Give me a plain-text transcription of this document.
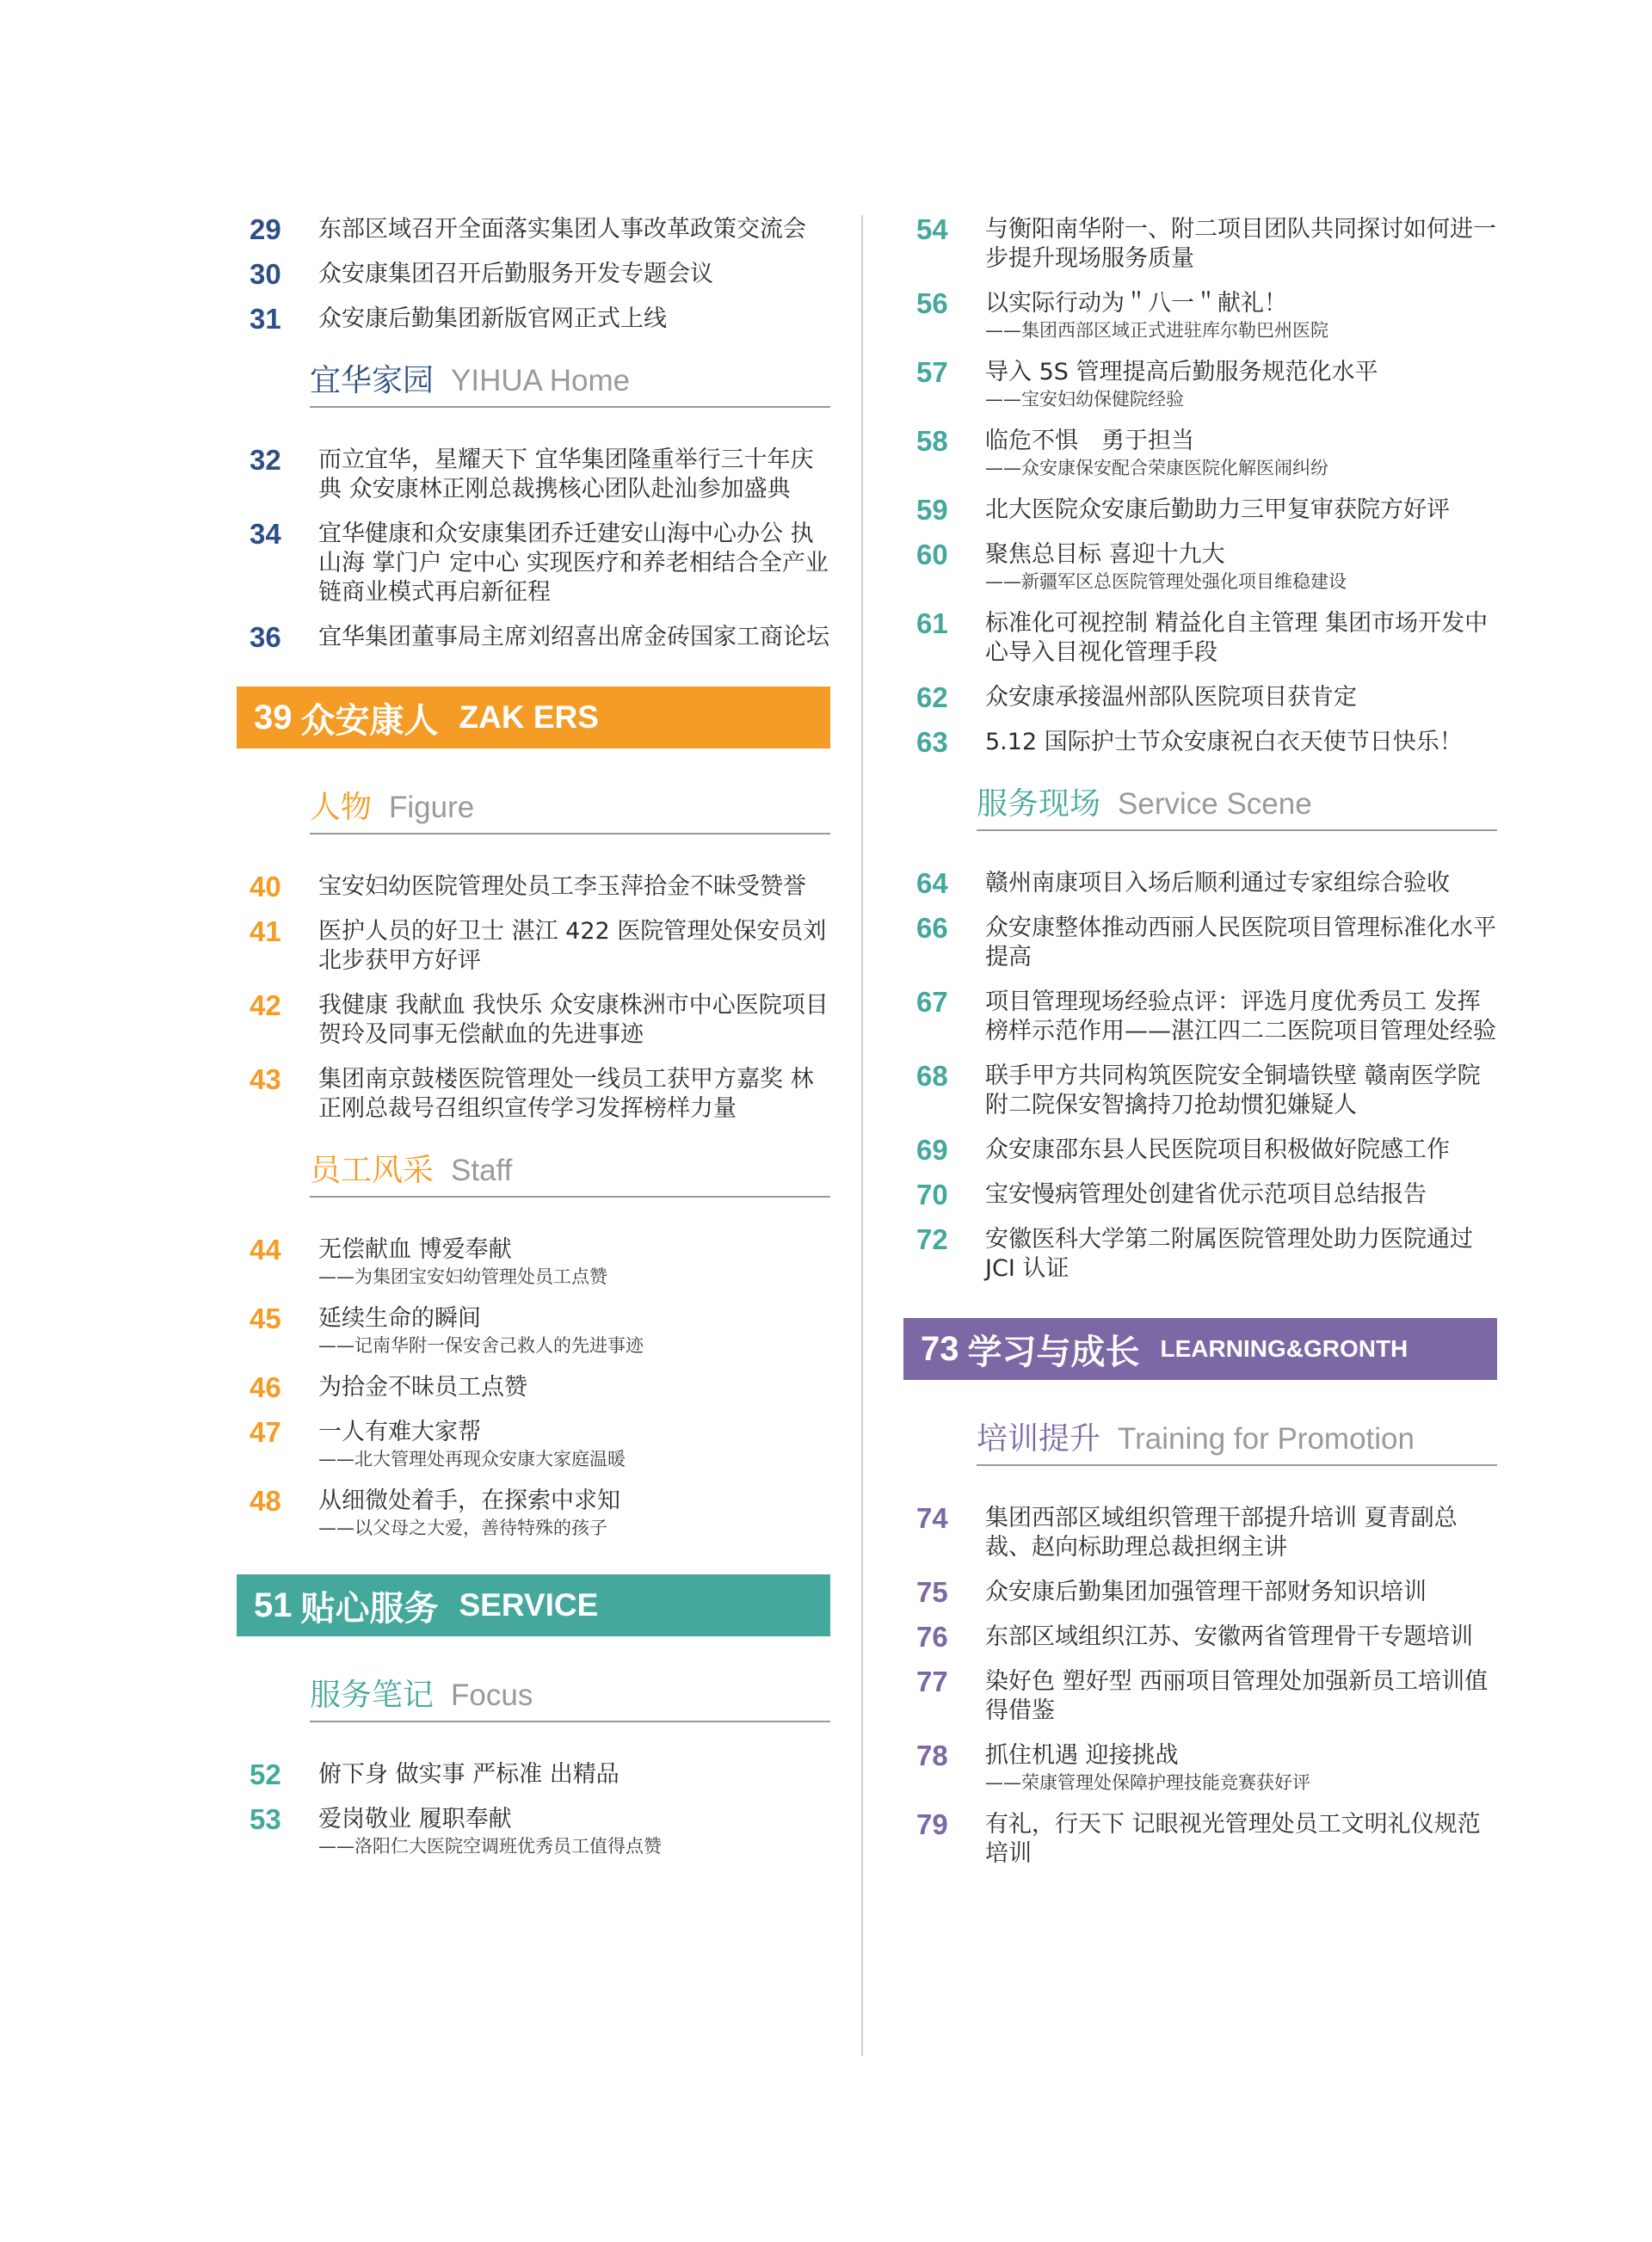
29	东部区域召开全面落实集团人事改革政策交流会
30	众安康集团召开后勤服务开发专题会议
31	众安康后勤集团新版官网正式上线
宜华家园 YIHUA Home
32	而立宜华，星耀天下 宜华集团隆重举行三十年庆典 众安康林正刚总裁携核心团队赴汕参加盛典
34	宜华健康和众安康集团乔迁建安山海中心办公 执山海 掌门户 定中心 实现医疗和养老相结合全产业链商业模式再启新征程
36	宜华集团董事局主席刘绍喜出席金砖国家工商论坛
39 众安康人 ZAK ERS
人物 Figure
40	宝安妇幼医院管理处员工李玉萍拾金不昧受赞誉
41	医护人员的好卫士 湛江 422 医院管理处保安员刘北步获甲方好评
42	我健康 我献血 我快乐 众安康株洲市中心医院项目贺玲及同事无偿献血的先进事迹
43	集团南京鼓楼医院管理处一线员工获甲方嘉奖 林正刚总裁号召组织宣传学习发挥榜样力量
员工风采 Staff
44	无偿献血 博爱奉献
——为集团宝安妇幼管理处员工点赞
45	延续生命的瞬间
——记南华附一保安舍己救人的先进事迹
46	为拾金不昧员工点赞
47	一人有难大家帮
——北大管理处再现众安康大家庭温暖
48	从细微处着手，在探索中求知
——以父母之大爱，善待特殊的孩子
51 贴心服务 SERVICE
服务笔记 Focus
52	俯下身 做实事 严标准 出精品
53	爱岗敬业 履职奉献
——洛阳仁大医院空调班优秀员工值得点赞
54	与衡阳南华附一、附二项目团队共同探讨如何进一步提升现场服务质量
56	以实际行动为＂八一＂献礼！
——集团西部区域正式进驻库尔勒巴州医院
57	导入 5S 管理提高后勤服务规范化水平
——宝安妇幼保健院经验
58	临危不惧　勇于担当
——众安康保安配合荣康医院化解医闹纠纷
59	北大医院众安康后勤助力三甲复审获院方好评
60	聚焦总目标 喜迎十九大
——新疆军区总医院管理处强化项目维稳建设
61	标准化可视控制 精益化自主管理 集团市场开发中心导入目视化管理手段
62	众安康承接温州部队医院项目获肯定
63	5.12 国际护士节众安康祝白衣天使节日快乐！
服务现场 Service Scene
64	赣州南康项目入场后顺利通过专家组综合验收
66	众安康整体推动西丽人民医院项目管理标准化水平提高
67	项目管理现场经验点评：评选月度优秀员工 发挥榜样示范作用——湛江四二二医院项目管理处经验
68	联手甲方共同构筑医院安全铜墙铁壁 赣南医学院附二院保安智擒持刀抢劫惯犯嫌疑人
69	众安康邵东县人民医院项目积极做好院感工作
70	宝安慢病管理处创建省优示范项目总结报告
72	安徽医科大学第二附属医院管理处助力医院通过 JCI 认证
73 学习与成长 LEARNING&GRONTH
培训提升 Training for Promotion
74	集团西部区域组织管理干部提升培训 夏青副总裁、赵向标助理总裁担纲主讲
75	众安康后勤集团加强管理干部财务知识培训
76	东部区域组织江苏、安徽两省管理骨干专题培训
77	染好色 塑好型 西丽项目管理处加强新员工培训值得借鉴
78	抓住机遇 迎接挑战
——荣康管理处保障护理技能竞赛获好评
79	有礼，行天下 记眼视光管理处员工文明礼仪规范培训
